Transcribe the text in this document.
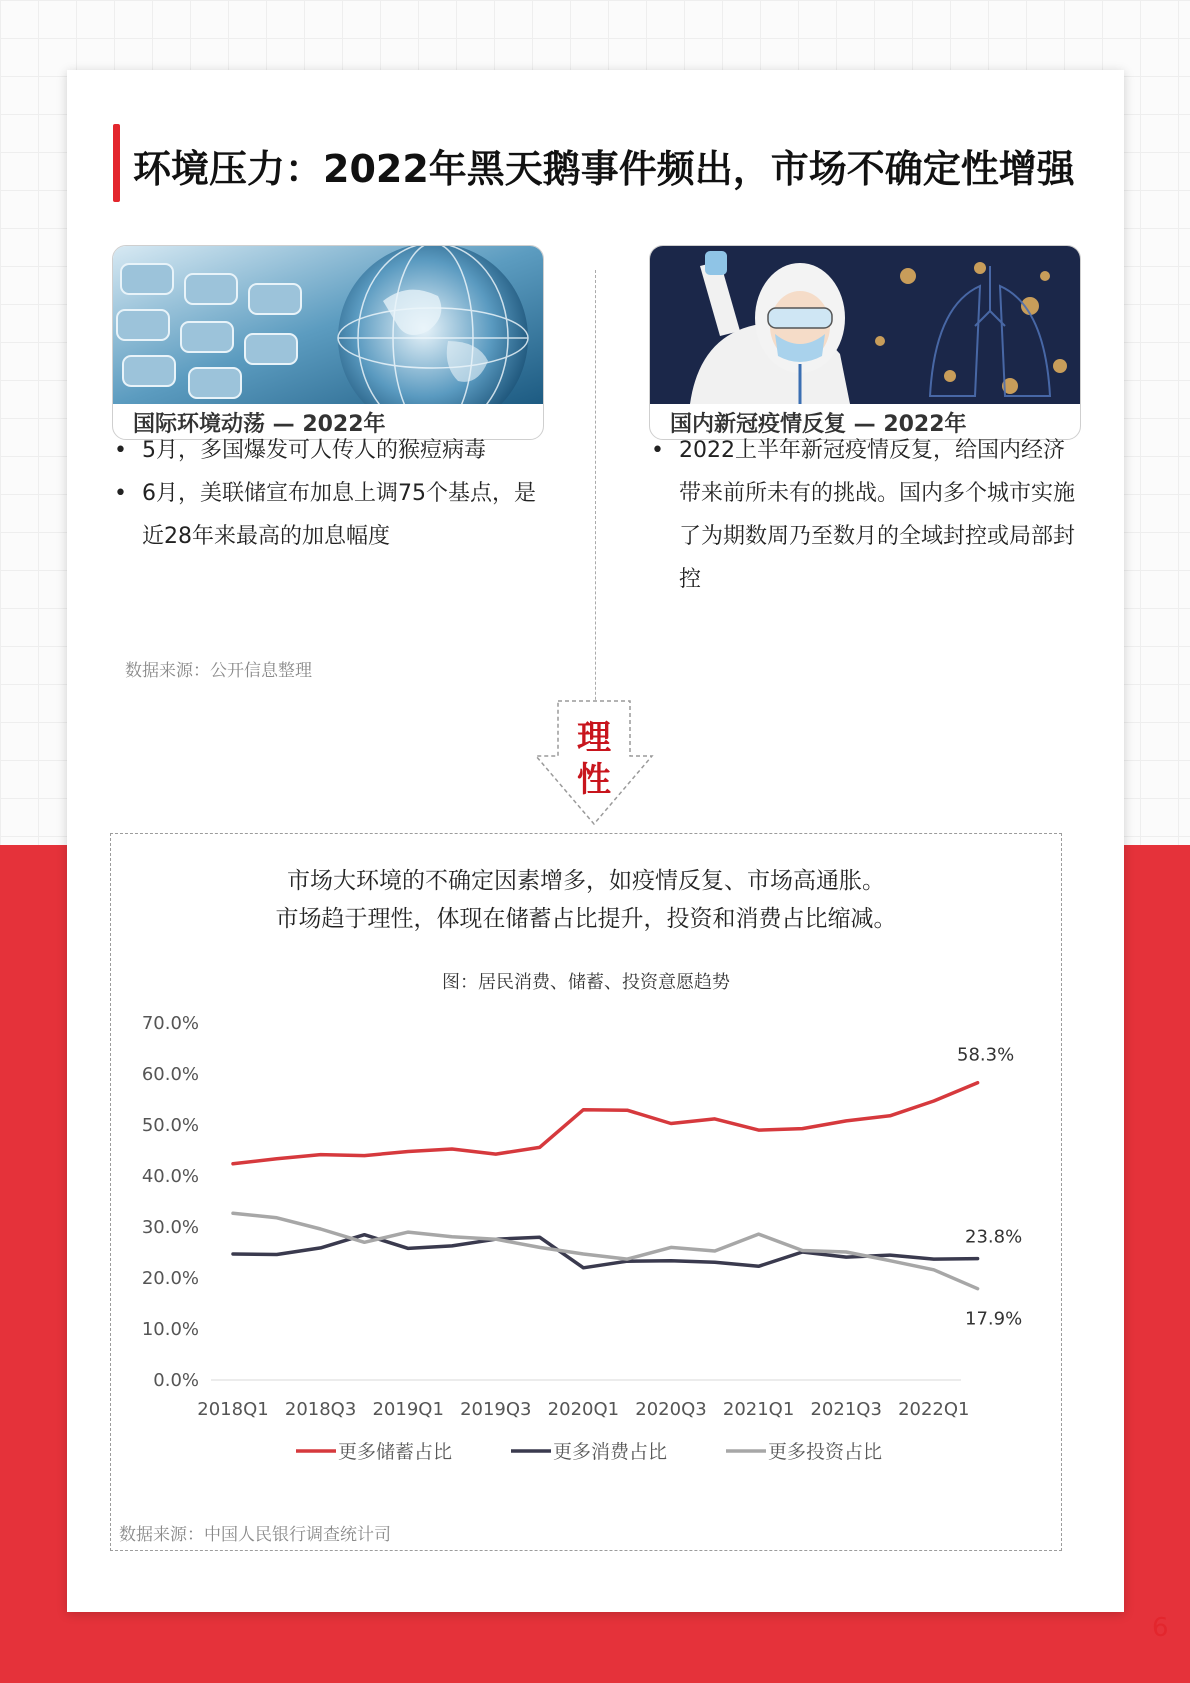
环境压力：2022年黑天鹅事件频出，市场不确定性增强
国际环境动荡 — 2022年	国内新冠疫情反复 — 2022年
• 5月，多国爆发可人传人的猴痘病毒
• 6月，美联储宣布加息上调75个基点，是近28年来最高的加息幅度
• 2022上半年新冠疫情反复，给国内经济带来前所未有的挑战。国内多个城市实施了为期数周乃至数月的全域封控或局部封控
数据来源：公开信息整理
理
性
市场大环境的不确定因素增多，如疫情反复、市场高通胀。
市场趋于理性，体现在储蓄占比提升，投资和消费占比缩减。
图：居民消费、储蓄、投资意愿趋势
0.0%
10.0%
20.0%
30.0%
40.0%
50.0%
60.0%
70.0%
2018Q1 2018Q3 2019Q1 2019Q3 2020Q1 2020Q3 2021Q1 2021Q3 2022Q1
58.3%
23.8%
17.9%
更多储蓄占比	更多消费占比	更多投资占比
数据来源：中国人民银行调查统计司
6
